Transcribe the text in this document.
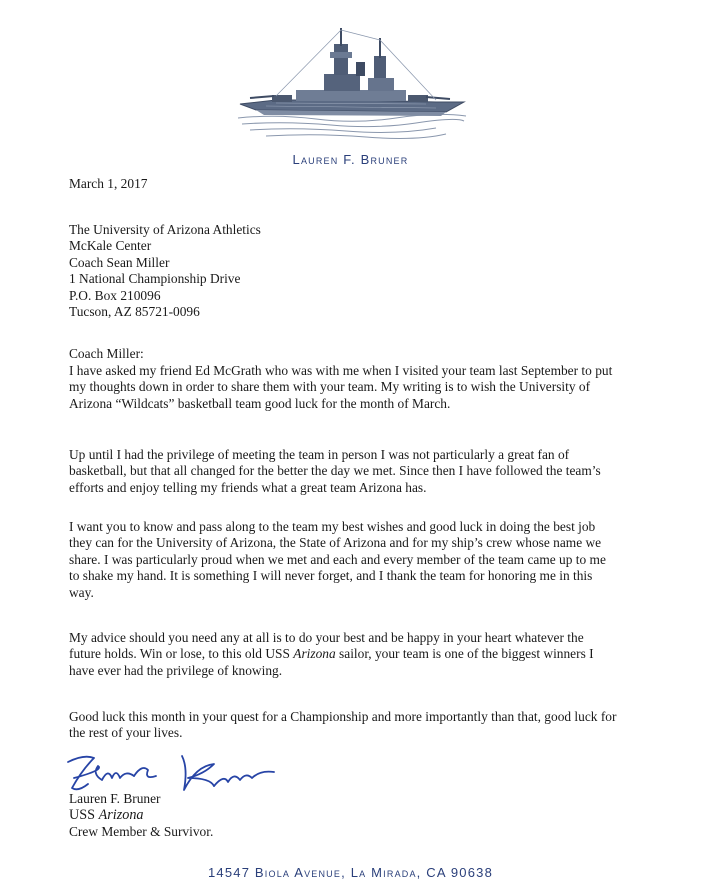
Lauren F. Bruner
March 1, 2017
The University of Arizona Athletics
McKale Center
Coach Sean Miller
1 National Championship Drive
P.O. Box 210096
Tucson, AZ 85721-0096
Coach Miller:
I have asked my friend Ed McGrath who was with me when I visited your team last September to put
my thoughts down in order to share them with your team. My writing is to wish the University of
Arizona “Wildcats” basketball team good luck for the month of March.
Up until I had the privilege of meeting the team in person I was not particularly a great fan of
basketball, but that all changed for the better the day we met. Since then I have followed the team’s
efforts and enjoy telling my friends what a great team Arizona has.
I want you to know and pass along to the team my best wishes and good luck in doing the best job
they can for the University of Arizona, the State of Arizona and for my ship’s crew whose name we
share. I was particularly proud when we met and each and every member of the team came up to me
to shake my hand. It is something I will never forget, and I thank the team for honoring me in this
way.
My advice should you need any at all is to do your best and be happy in your heart whatever the
future holds. Win or lose, to this old USS Arizona sailor, your team is one of the biggest winners I
have ever had the privilege of knowing.
Good luck this month in your quest for a Championship and more importantly than that, good luck for
the rest of your lives.
Lauren F. Bruner
USS Arizona
Crew Member & Survivor.
14547 Biola Avenue, La Mirada, CA 90638
